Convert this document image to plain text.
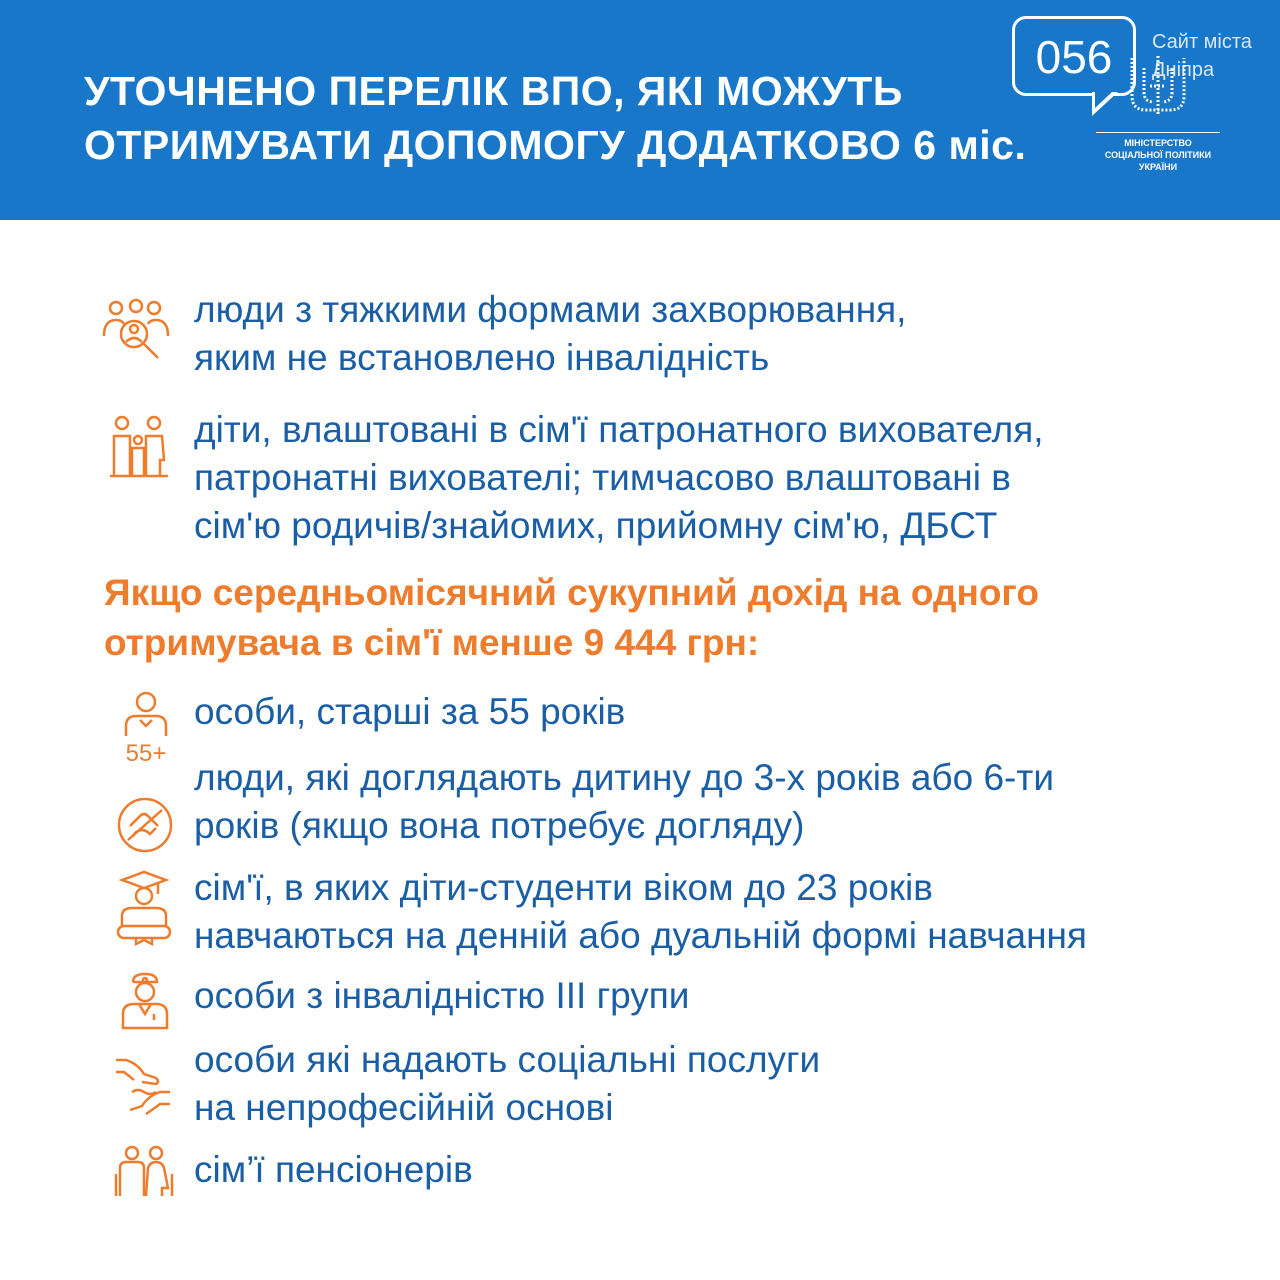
УТОЧНЕНО ПЕРЕЛІК ВПО, ЯКІ МОЖУТЬ
ОТРИМУВАТИ ДОПОМОГУ ДОДАТКОВО 6 міс.
056	Сайт міста
Дніпра
МІНІСТЕРСТВО
СОЦІАЛЬНОЇ ПОЛІТИКИ
УКРАЇНИ
люди з тяжкими формами захворювання,
яким не встановлено інвалідність
діти, влаштовані в сім'ї патронатного вихователя,
патронатні вихователі; тимчасово влаштовані в
сім'ю родичів/знайомих, прийомну сім'ю, ДБСТ
Якщо середньомісячний сукупний дохід на одного
отримувача в сім'ї менше 9 444 грн:
55+
особи, старші за 55 років
люди, які доглядають дитину до 3-х років або 6-ти
років (якщо вона потребує догляду)
сім'ї, в яких діти-студенти віком до 23 років
навчаються на денній або дуальній формі навчання
особи з інвалідністю ІІІ групи
особи які надають соціальні послуги
на непрофесійній основі
сім’ї пенсіонерів
